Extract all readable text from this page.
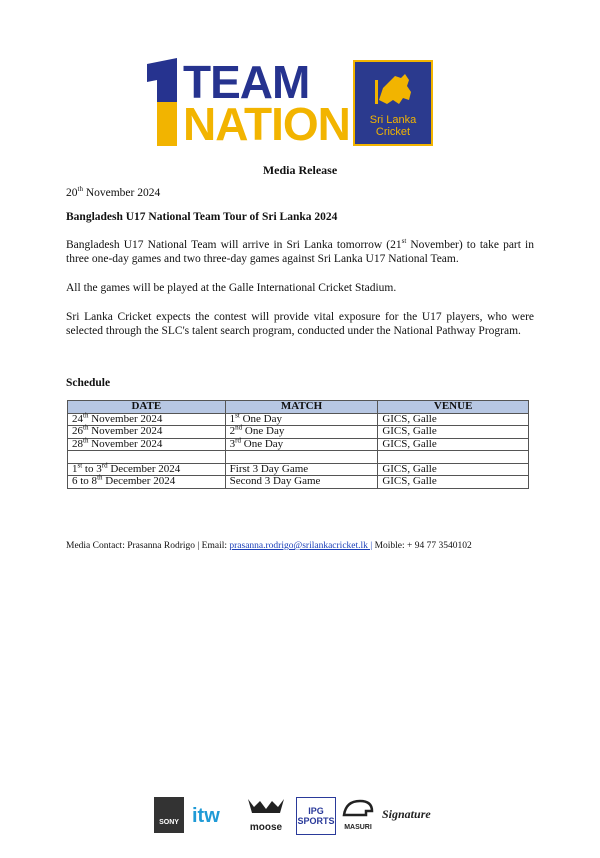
TEAM
NATION	Sri Lanka
Cricket
Media Release
20th November 2024
Bangladesh U17 National Team Tour of Sri Lanka 2024
Bangladesh U17 National Team will arrive in Sri Lanka tomorrow (21st November) to take part in three one-day games and two three-day games against Sri Lanka U17 National Team.
All the games will be played at the Galle International Cricket Stadium.
Sri Lanka Cricket expects the contest will provide vital exposure for the U17 players, who were selected through the SLC's talent search program, conducted under the National Pathway Program.
Schedule
DATE	MATCH	VENUE
24th November 2024	1st One Day	GICS, Galle
26th November 2024	2nd One Day	GICS, Galle
28th November 2024	3rd One Day	GICS, Galle

1st to 3rd December 2024	First 3 Day Game	GICS, Galle
6 to 8th December 2024	Second 3 Day Game	GICS, Galle
Media Contact: Prasanna Rodrigo | Email: prasanna.rodrigo@srilankacricket.lk | Moible: + 94 77 3540102
SONY itw
moose
IPG SPORTS
MASURI
Signature
